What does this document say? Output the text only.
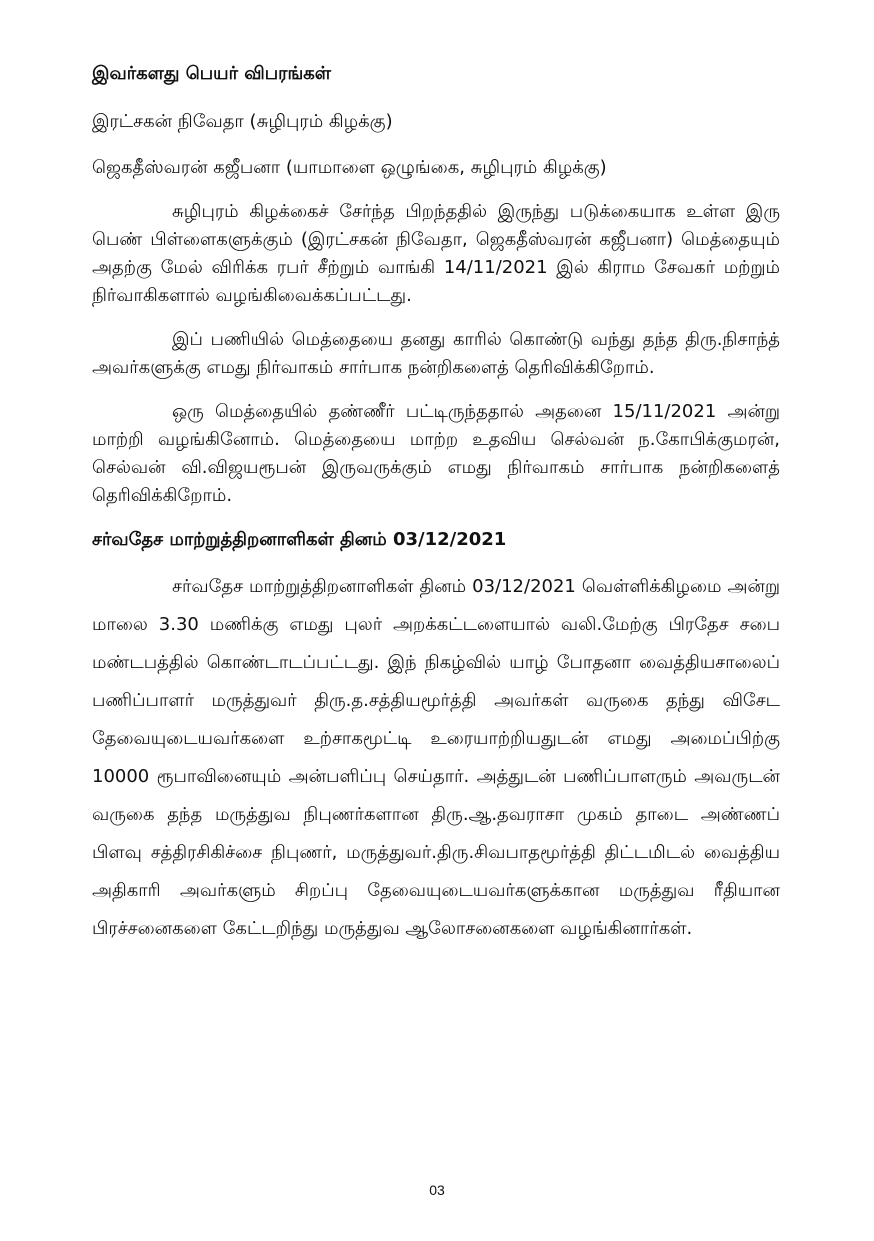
இவர்களது பெயர் விபரங்கள்

இரட்சகன் நிவேதா (சுழிபுரம் கிழக்கு)

ஜெகதீஸ்வரன் கஜீபனா (யாமாளை ஒழுங்கை, சுழிபுரம் கிழக்கு)

சுழிபுரம் கிழக்கைச் சேர்ந்த பிறந்ததில் இருந்து படுக்கையாக உள்ள இரு பெண் பிள்ளைகளுக்கும் (இரட்சகன் நிவேதா, ஜெகதீஸ்வரன் கஜீபனா) மெத்தையும் அதற்கு மேல் விரிக்க ரபர் சீற்றும் வாங்கி 14/11/2021 இல் கிராம சேவகர் மற்றும் நிர்வாகிகளால் வழங்கிவைக்கப்பட்டது.

இப் பணியில் மெத்தையை தனது காரில் கொண்டு வந்து தந்த திரு.நிசாந்த் அவர்களுக்கு எமது நிர்வாகம் சார்பாக நன்றிகளைத் தெரிவிக்கிறோம்.

ஒரு மெத்தையில் தண்ணீர் பட்டிருந்ததால் அதனை 15/11/2021 அன்று மாற்றி வழங்கினோம். மெத்தையை மாற்ற உதவிய செல்வன் ந.கோபிக்குமரன், செல்வன் வி.விஜயரூபன் இருவருக்கும் எமது நிர்வாகம் சார்பாக நன்றிகளைத் தெரிவிக்கிறோம்.

சர்வதேச மாற்றுத்திறனாளிகள் தினம் 03/12/2021

சர்வதேச மாற்றுத்திறனாளிகள் தினம் 03/12/2021 வெள்ளிக்கிழமை அன்று மாலை 3.30 மணிக்கு எமது புலர் அறக்கட்டளையால் வலி.மேற்கு பிரதேச சபை மண்டபத்தில் கொண்டாடப்பட்டது. இந் நிகழ்வில் யாழ் போதனா வைத்தியசாலைப் பணிப்பாளர் மருத்துவர் திரு.த.சத்தியமூர்த்தி அவர்கள் வருகை தந்து விசேட தேவையுடையவர்களை உற்சாகமூட்டி உரையாற்றியதுடன் எமது அமைப்பிற்கு 10000 ரூபாவினையும் அன்பளிப்பு செய்தார். அத்துடன் பணிப்பாளரும் அவருடன் வருகை தந்த மருத்துவ நிபுணர்களான திரு.ஆ.தவராசா முகம் தாடை அண்ணப் பிளவு சத்திரசிகிச்சை நிபுணர், மருத்துவர்.திரு.சிவபாதமூர்த்தி திட்டமிடல் வைத்திய அதிகாரி அவர்களும் சிறப்பு தேவையுடையவர்களுக்கான மருத்துவ ரீதியான பிரச்சனைகளை கேட்டறிந்து மருத்துவ ஆலோசனைகளை வழங்கினார்கள்.

03
